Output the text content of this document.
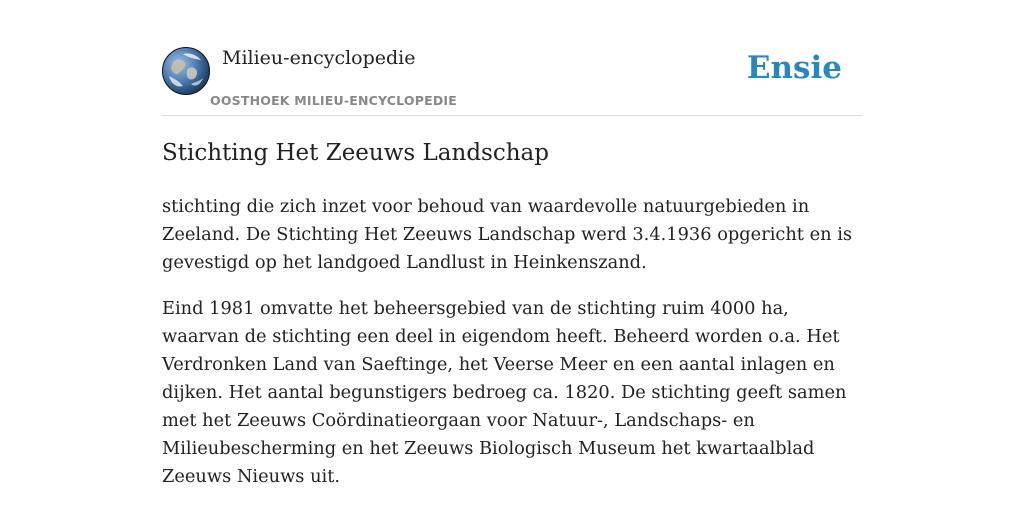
Milieu-encyclopedie
OOSTHOEK MILIEU-ENCYCLOPEDIE
Ensie
Stichting Het Zeeuws Landschap

stichting die zich inzet voor behoud van waardevolle natuurgebieden in Zeeland. De Stichting Het Zeeuws Landschap werd 3.4.1936 opgericht en is gevestigd op het landgoed Landlust in Heinkenszand.

Eind 1981 omvatte het beheersgebied van de stichting ruim 4000 ha, waarvan de stichting een deel in eigendom heeft. Beheerd worden o.a. Het Verdronken Land van Saeftinge, het Veerse Meer en een aantal inlagen en dijken. Het aantal begunstigers bedroeg ca. 1820. De stichting geeft samen met het Zeeuws Coördinatieorgaan voor Natuur-, Landschaps- en Milieubescherming en het Zeeuws Biologisch Museum het kwartaalblad Zeeuws Nieuws uit.
